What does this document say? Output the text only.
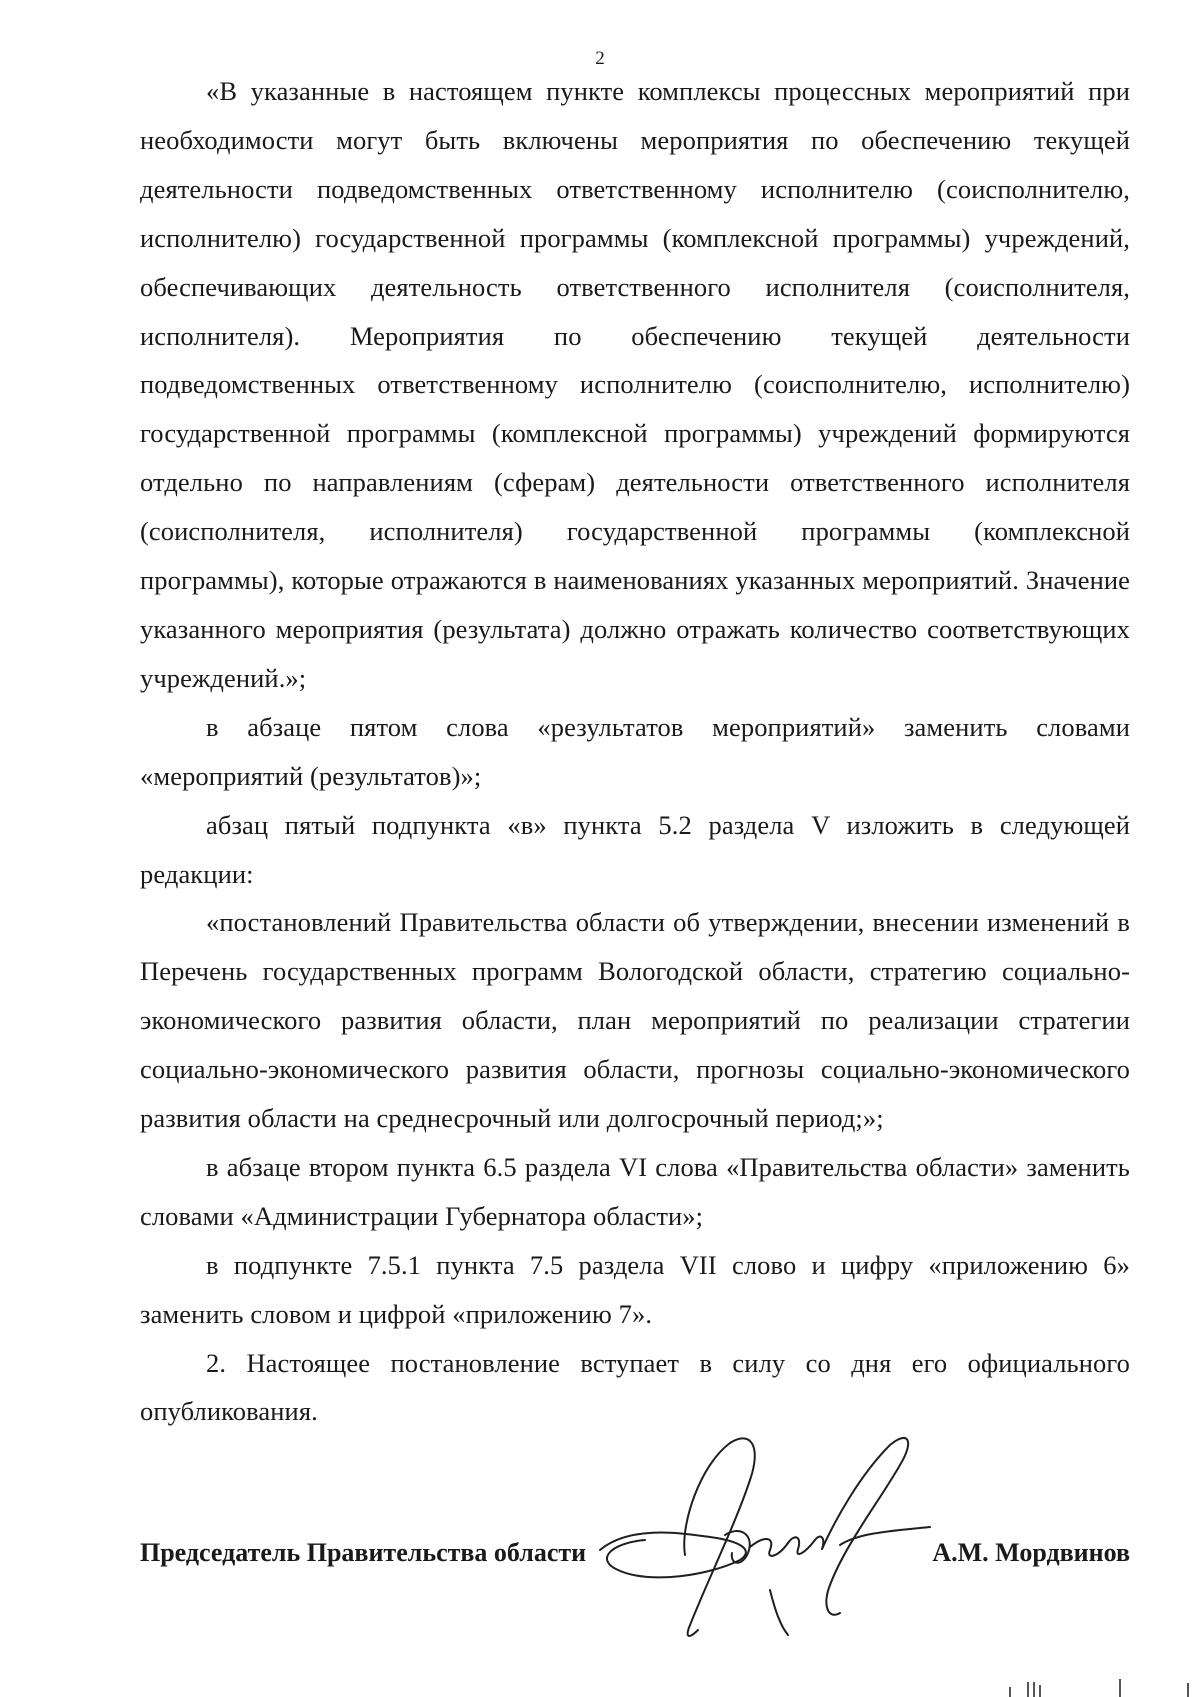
2

«В указанные в настоящем пункте комплексы процессных мероприятий при необходимости могут быть включены мероприятия по обеспечению текущей деятельности подведомственных ответственному исполнителю (соисполнителю, исполнителю) государственной программы (комплексной программы) учреждений, обеспечивающих деятельность ответственного исполнителя (соисполнителя, исполнителя). Мероприятия по обеспечению текущей деятельности подведомственных ответственному исполнителю (соисполнителю, исполнителю) государственной программы (комплексной программы) учреждений формируются отдельно по направлениям (сферам) деятельности ответственного исполнителя (соисполнителя, исполнителя) государственной программы (комплексной программы), которые отражаются в наименованиях указанных мероприятий. Значение указанного мероприятия (результата) должно отражать количество соответствующих учреждений.»;

в абзаце пятом слова «результатов мероприятий» заменить словами «мероприятий (результатов)»;

абзац пятый подпункта «в» пункта 5.2 раздела V изложить в следующей редакции:

«постановлений Правительства области об утверждении, внесении изменений в Перечень государственных программ Вологодской области, стратегию социально-экономического развития области, план мероприятий по реализации стратегии социально-экономического развития области, прогнозы социально-экономического развития области на среднесрочный или долгосрочный период;»;

в абзаце втором пункта 6.5 раздела VI слова «Правительства области» заменить словами «Администрации Губернатора области»;

в подпункте 7.5.1 пункта 7.5 раздела VII слово и цифру «приложению 6» заменить словом и цифрой «приложению 7».

2. Настоящее постановление вступает в силу со дня его официального опубликования.

Председатель Правительства области	А.М. Мордвинов
